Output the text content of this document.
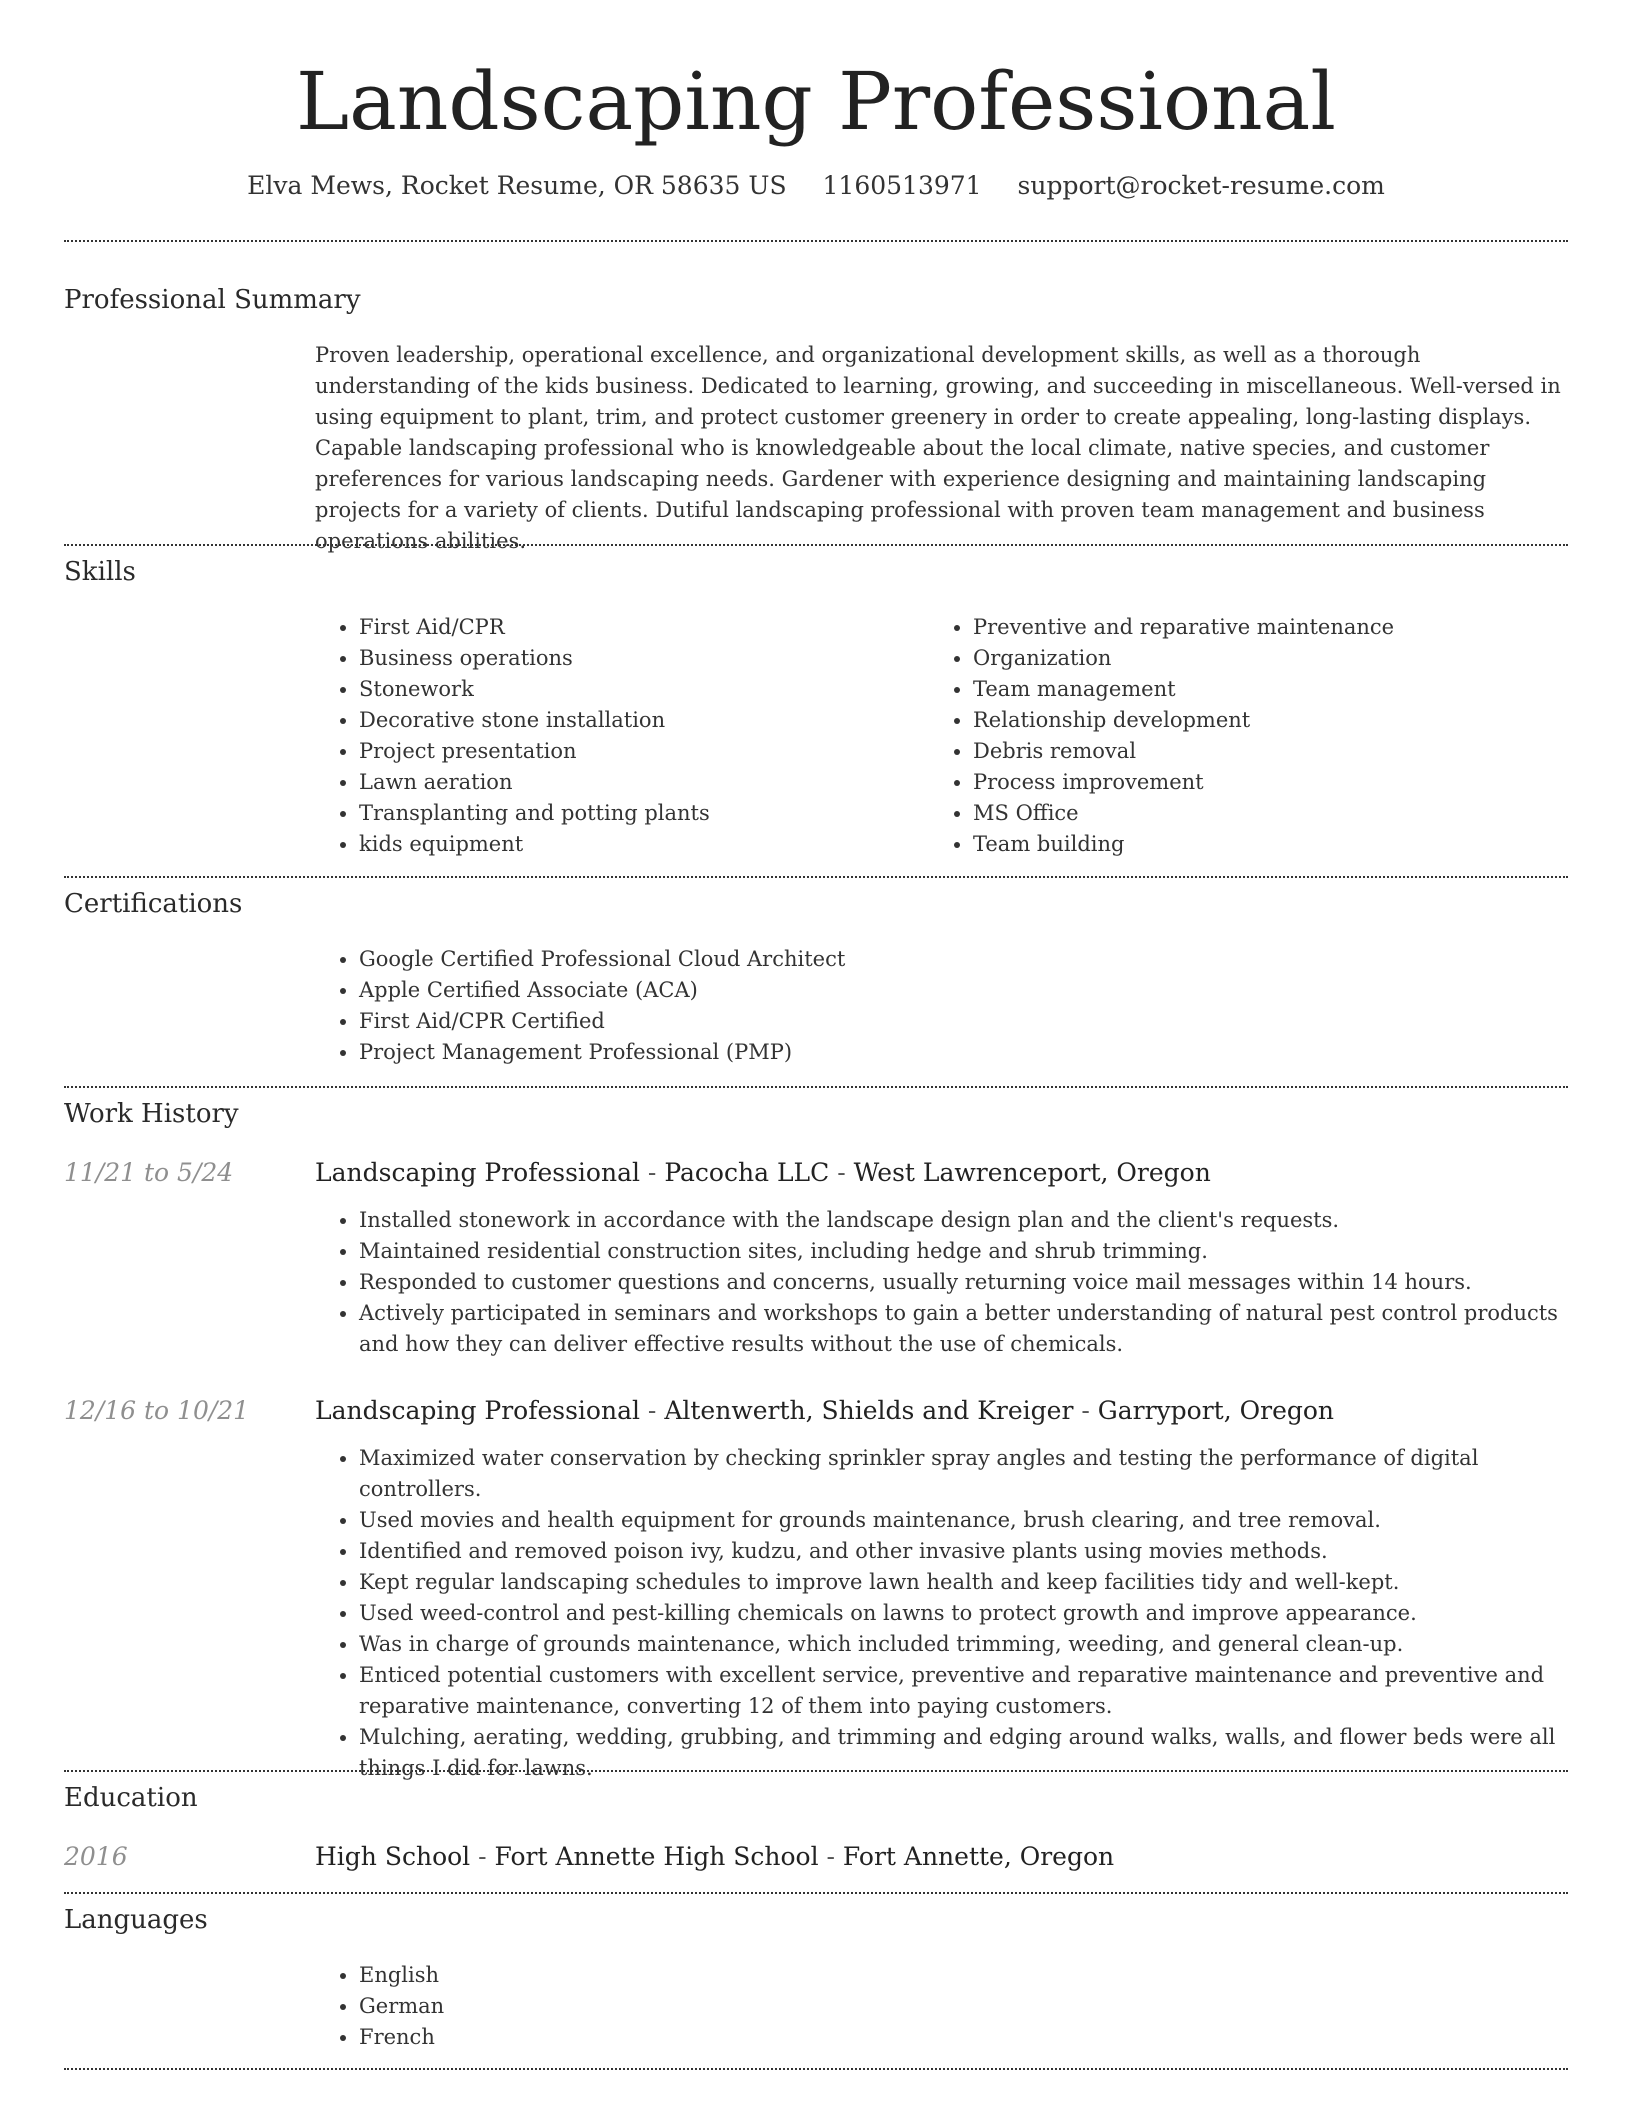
Landscaping Professional
Elva Mews, Rocket Resume, OR 58635 US 1160513971 support@rocket-resume.com
Professional Summary
Proven leadership, operational excellence, and organizational development skills, as well as a thorough understanding of the kids business. Dedicated to learning, growing, and succeeding in miscellaneous. Well-versed in using equipment to plant, trim, and protect customer greenery in order to create appealing, long-lasting displays. Capable landscaping professional who is knowledgeable about the local climate, native species, and customer preferences for various landscaping needs. Gardener with experience designing and maintaining landscaping projects for a variety of clients. Dutiful landscaping professional with proven team management and business operations abilities.
Skills
• First Aid/CPR
• Business operations
• Stonework
• Decorative stone installation
• Project presentation
• Lawn aeration
• Transplanting and potting plants
• kids equipment
• Preventive and reparative maintenance
• Organization
• Team management
• Relationship development
• Debris removal
• Process improvement
• MS Office
• Team building
Certifications
• Google Certified Professional Cloud Architect
• Apple Certified Associate (ACA)
• First Aid/CPR Certified
• Project Management Professional (PMP)
Work History
11/21 to 5/24	Landscaping Professional - Pacocha LLC - West Lawrenceport, Oregon
• Installed stonework in accordance with the landscape design plan and the client's requests.
• Maintained residential construction sites, including hedge and shrub trimming.
• Responded to customer questions and concerns, usually returning voice mail messages within 14 hours.
• Actively participated in seminars and workshops to gain a better understanding of natural pest control products and how they can deliver effective results without the use of chemicals.
12/16 to 10/21	Landscaping Professional - Altenwerth, Shields and Kreiger - Garryport, Oregon
• Maximized water conservation by checking sprinkler spray angles and testing the performance of digital controllers.
• Used movies and health equipment for grounds maintenance, brush clearing, and tree removal.
• Identified and removed poison ivy, kudzu, and other invasive plants using movies methods.
• Kept regular landscaping schedules to improve lawn health and keep facilities tidy and well-kept.
• Used weed-control and pest-killing chemicals on lawns to protect growth and improve appearance.
• Was in charge of grounds maintenance, which included trimming, weeding, and general clean-up.
• Enticed potential customers with excellent service, preventive and reparative maintenance and preventive and reparative maintenance, converting 12 of them into paying customers.
• Mulching, aerating, wedding, grubbing, and trimming and edging around walks, walls, and flower beds were all things I did for lawns.
Education
2016	High School - Fort Annette High School - Fort Annette, Oregon
Languages
• English
• German
• French
